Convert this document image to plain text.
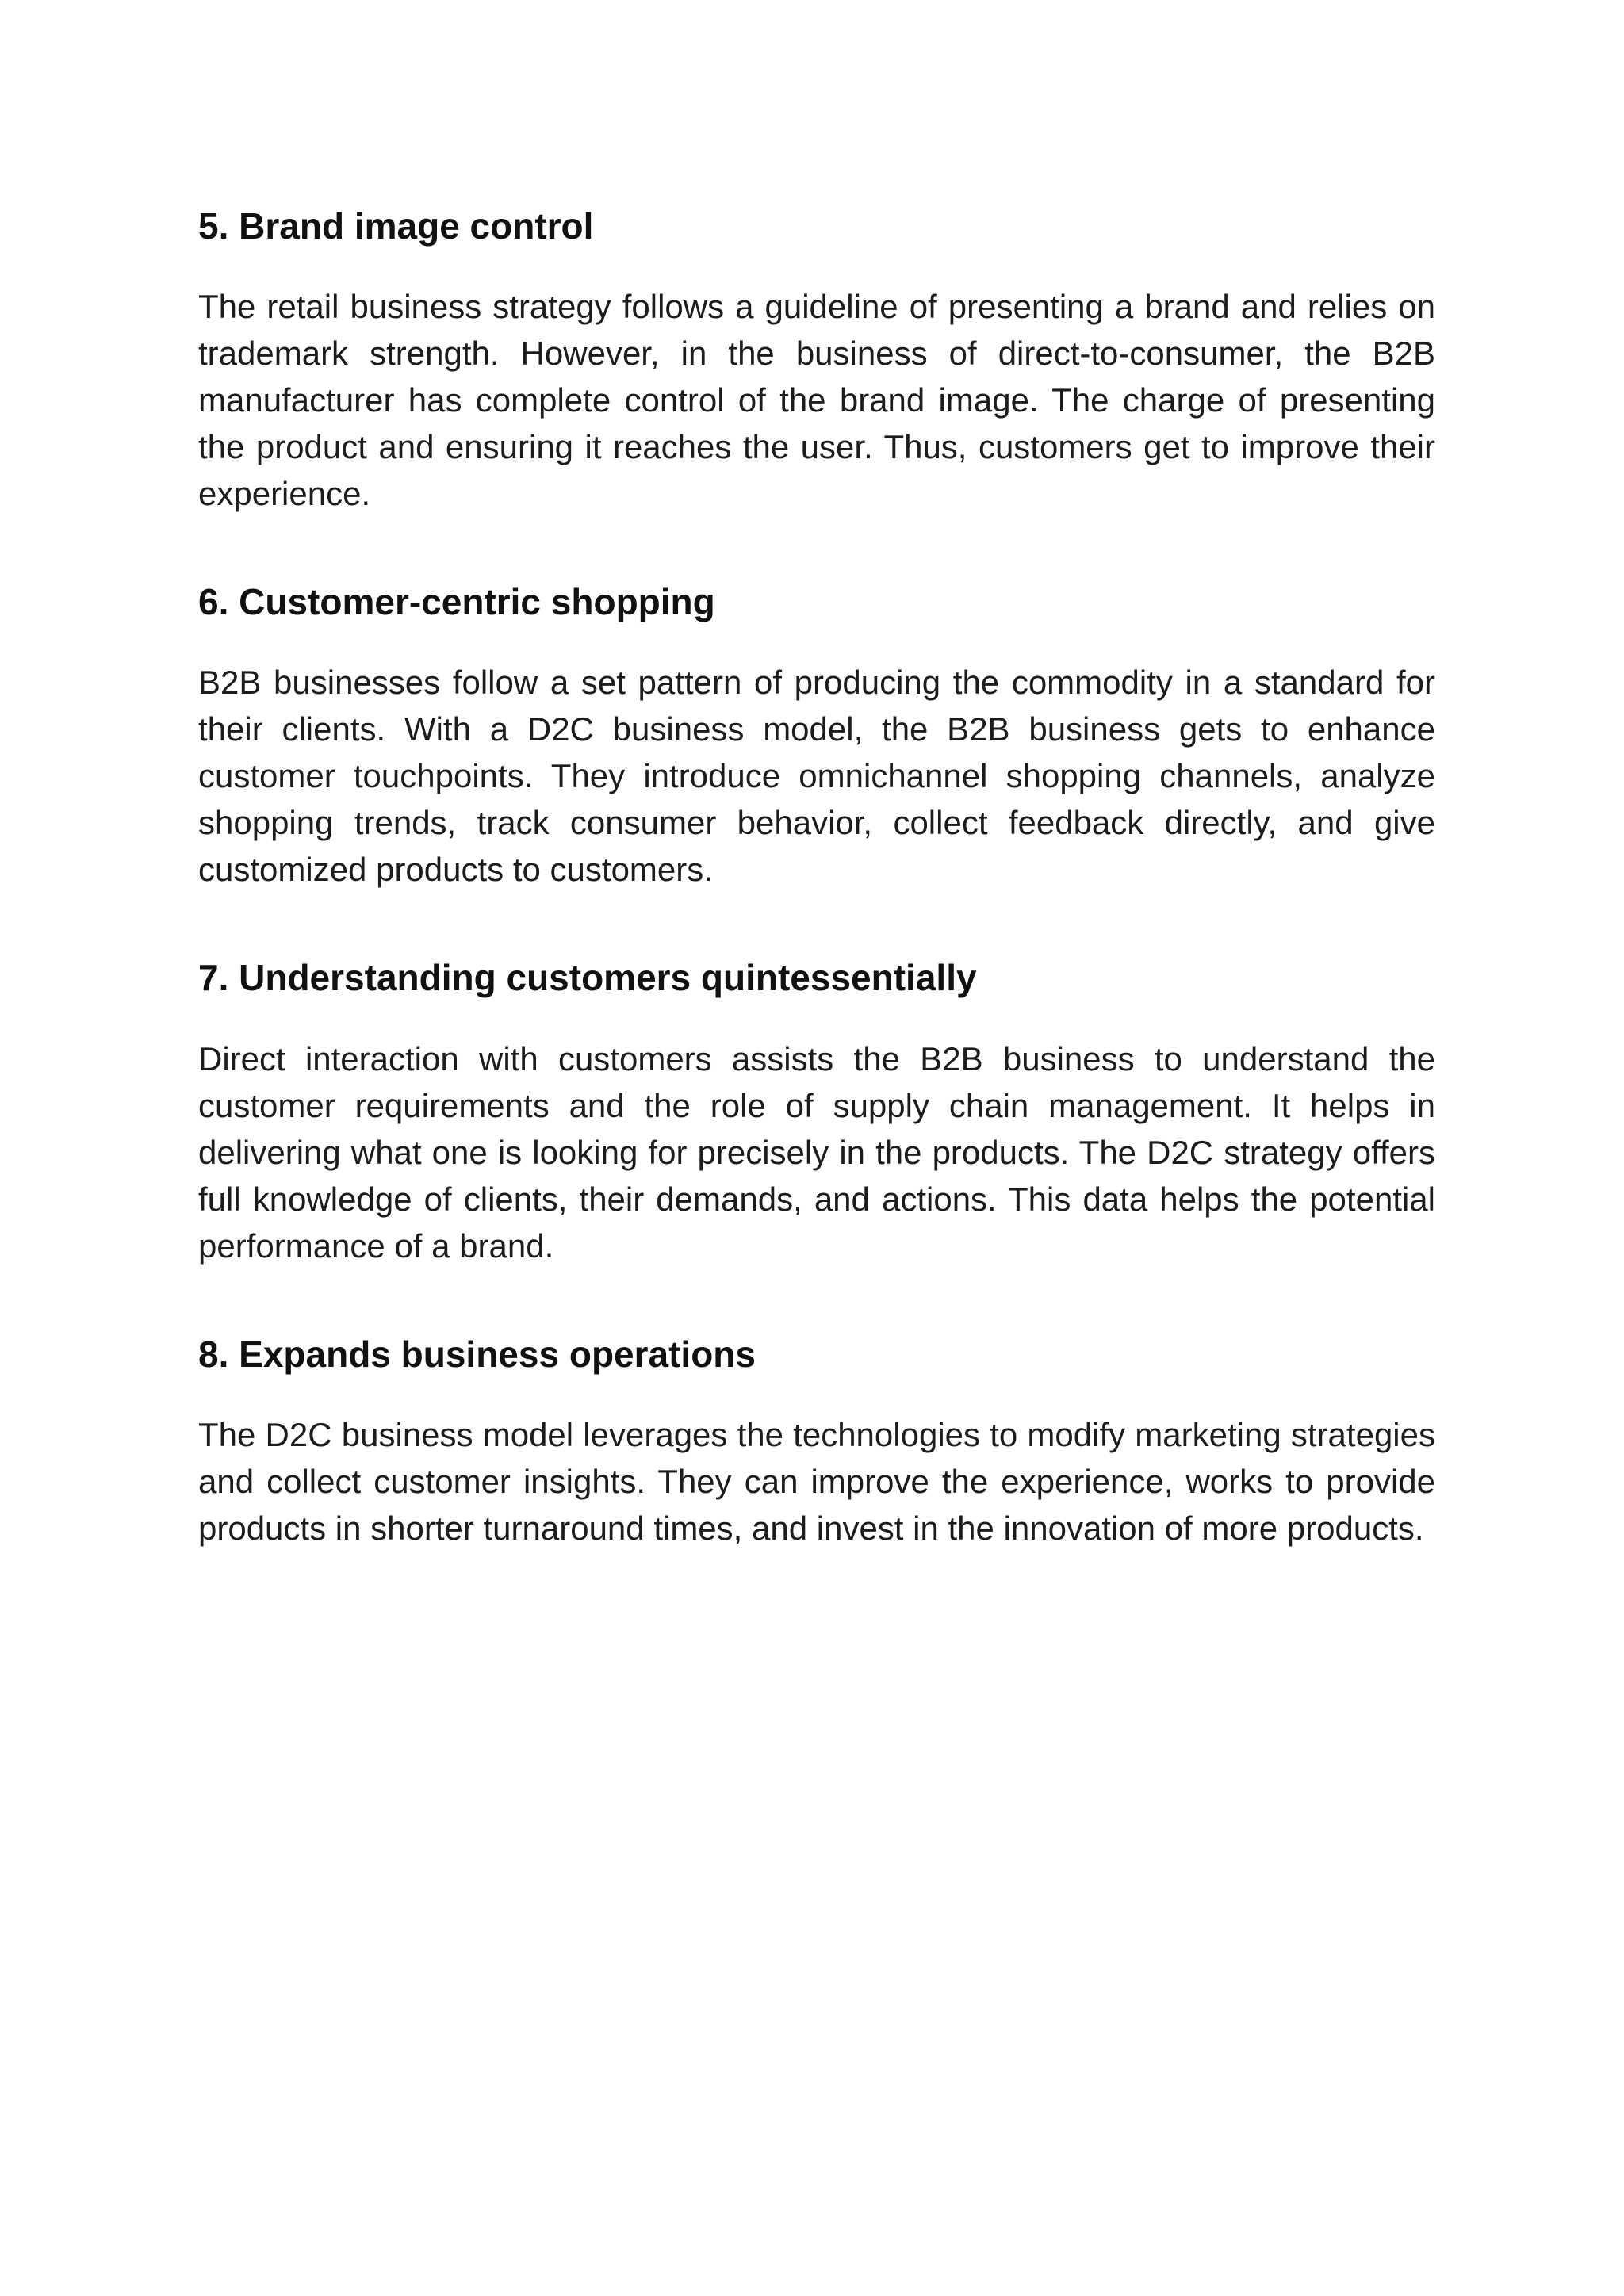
5. Brand image control

The retail business strategy follows a guideline of presenting a brand and relies on trademark strength. However, in the business of direct-to-consumer, the B2B manufacturer has complete control of the brand image. The charge of presenting the product and ensuring it reaches the user. Thus, customers get to improve their experience.

6. Customer-centric shopping

B2B businesses follow a set pattern of producing the commodity in a standard for their clients. With a D2C business model, the B2B business gets to enhance customer touchpoints. They introduce omnichannel shopping channels, analyze shopping trends, track consumer behavior, collect feedback directly, and give customized products to customers.

7. Understanding customers quintessentially

Direct interaction with customers assists the B2B business to understand the customer requirements and the role of supply chain management. It helps in delivering what one is looking for precisely in the products. The D2C strategy offers full knowledge of clients, their demands, and actions. This data helps the potential performance of a brand.

8. Expands business operations

The D2C business model leverages the technologies to modify marketing strategies and collect customer insights. They can improve the experience, works to provide products in shorter turnaround times, and invest in the innovation of more products.
